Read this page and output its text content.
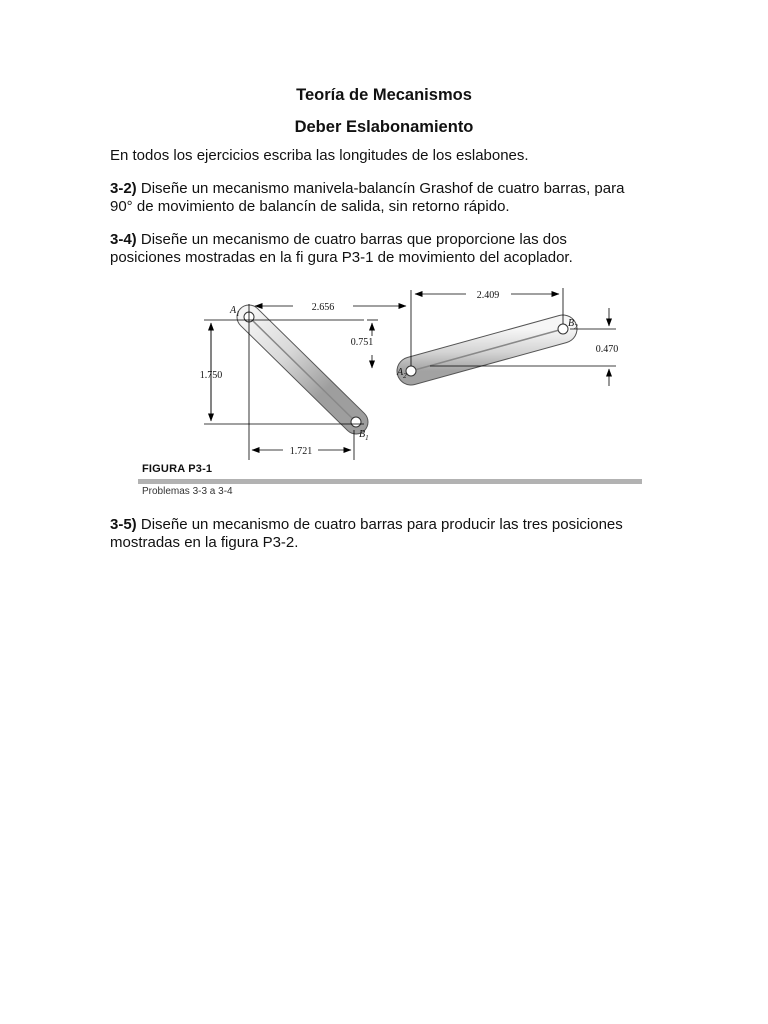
Teoría de Mecanismos
Deber Eslabonamiento
En todos los ejercicios escriba las longitudes de los eslabones.
3-2) Diseñe un mecanismo manivela-balancín Grashof de cuatro barras, para
90° de movimiento de balancín de salida, sin retorno rápido.
3-4) Diseñe un mecanismo de cuatro barras que proporcione las dos
posiciones mostradas en la fi gura P3-1 de movimiento del acoplador.
$A_1$
$B_1$
$A_2$
$B_2$
2.656
0.751
1.750
1.721
2.409
0.470
FIGURA P3-1
Problemas 3-3 a 3-4
3-5) Diseñe un mecanismo de cuatro barras para producir las tres posiciones
mostradas en la figura P3-2.
